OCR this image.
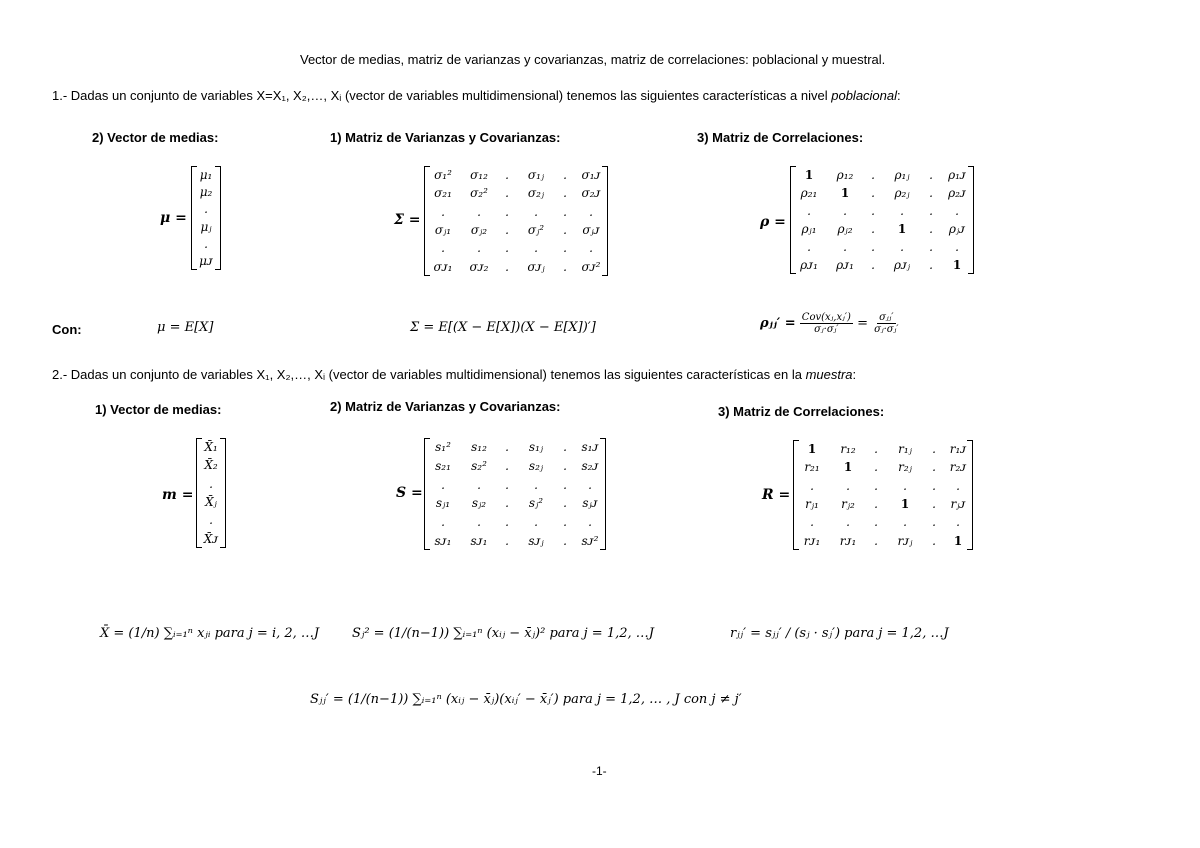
Vector de medias, matriz de varianzas y covarianzas, matriz de correlaciones: poblacional y muestral.
1.- Dadas un conjunto de variables X=X₁, X₂,…, Xᵢ (vector de variables multidimensional) tenemos las siguientes características a nivel poblacional:
2) Vector de medias:	1) Matriz de Varianzas y Covarianzas:	3) Matriz de Correlaciones:
μ =
μ₁
μ₂
.
μⱼ
.
μᴊ
Σ =
σ₁²	σ₁₂	.	σ₁ⱼ	.	σ₁ᴊ
σ₂₁	σ₂²	.	σ₂ⱼ	.	σ₂ᴊ
.	.	.	.	.	.
σⱼ₁	σⱼ₂	.	σⱼ²	.	σⱼᴊ
.	.	.	.	.	.
σᴊ₁	σᴊ₂	.	σᴊⱼ	.	σᴊ²
ρ =
1	ρ₁₂	.	ρ₁ⱼ	.	ρ₁ᴊ
ρ₂₁	1	.	ρ₂ⱼ	.	ρ₂ᴊ
.	.	.	.	.	.
ρⱼ₁	ρⱼ₂	.	1	.	ρⱼᴊ
.	.	.	.	.	.
ρᴊ₁	ρᴊ₁	.	ρᴊⱼ	.	1
Con:	μ = E[X]	Σ = E[(X − E[X])(X − E[X])′]	ρⱼⱼ′ = $\frac{\text{Cov(xⱼ,xⱼ′)}}{\text{σⱼ·σⱼ′}} = \frac{\text{σⱼⱼ′}}{\text{σⱼ·σⱼ′}}$
2.- Dadas un conjunto de variables X₁, X₂,…, Xᵢ (vector de variables multidimensional) tenemos las siguientes características en la muestra:
1) Vector de medias:	2) Matriz de Varianzas y Covarianzas:	3) Matriz de Correlaciones:
m =
X̄₁
X̄₂
.
X̄ⱼ
.
X̄ᴊ
S =
s₁²	s₁₂	.	s₁ⱼ	.	s₁ᴊ
s₂₁	s₂²	.	s₂ⱼ	.	s₂ᴊ
.	.	.	.	.	.
sⱼ₁	sⱼ₂	.	sⱼ²	.	sⱼᴊ
.	.	.	.	.	.
sᴊ₁	sᴊ₁	.	sᴊⱼ	.	sᴊ²
R =
1	r₁₂	.	r₁ⱼ	.	r₁ᴊ
r₂₁	1	.	r₂ⱼ	.	r₂ᴊ
.	.	.	.	.	.
rⱼ₁	rⱼ₂	.	1	.	rⱼᴊ
.	.	.	.	.	.
rᴊ₁	rᴊ₁	.	rᴊⱼ	.	1
X̄ = (1/n) ∑ᵢ₌₁ⁿ xⱼᵢ para j = i, 2, …J	Sⱼ² = (1/(n−1)) ∑ᵢ₌₁ⁿ (xᵢⱼ − x̄ⱼ)² para j = 1,2, …J	rⱼⱼ′ = sⱼⱼ′ / (sⱼ · sⱼ′) para j = 1,2, …J
Sⱼⱼ′ = (1/(n−1)) ∑ᵢ₌₁ⁿ (xᵢⱼ − x̄ⱼ)(xᵢⱼ′ − x̄ⱼ′) para j = 1,2, … , J con j ≠ j′
-1-
